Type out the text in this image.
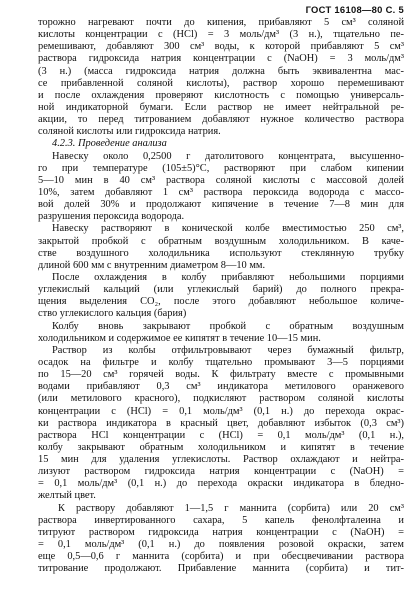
ГОСТ 16108—80 С. 5
торожно нагревают почти до кипения, прибавляют 5 см³ соляной
кислоты концентрации c (HCl) = 3 моль/дм³ (3 н.), тщательно пе-
ремешивают, добавляют 300 см³ воды, к которой прибавляют 5 см³
раствора гидроксида натрия концентрации c (NaOH) = 3 моль/дм³
(3 н.) (масса гидроксида натрия должна быть эквивалентна мас-
се прибавленной соляной кислоты), раствор хорошо перемешивают
и после охлаждения проверяют кислотность с помощью универсаль-
ной индикаторной бумаги. Если раствор не имеет нейтральной ре-
акции, то перед титрованием добавляют нужное количество раствора
соляной кислоты или гидроксида натрия.
4.2.3. Проведение анализа
Навеску около 0,2500 г датолитового концентрата, высушенно-
го при температуре (105±5)°С, растворяют при слабом кипении
5—10 мин в 40 см³ раствора соляной кислоты с массовой долей
10%, затем добавляют 1 см³ раствора пероксида водорода с массо-
вой долей 30% и продолжают кипячение в течение 7—8 мин для
разрушения пероксида водорода.
Навеску растворяют в конической колбе вместимостью 250 см³,
закрытой пробкой с обратным воздушным холодильником. В каче-
стве воздушного холодильника используют стеклянную трубку
длиной 600 мм с внутренним диаметром 8—10 мм.
После охлаждения в колбу прибавляют небольшими порциями
углекислый кальций (или углекислый барий) до полного прекра-
щения выделения CO₂, после этого добавляют небольшое количе-
ство углекислого кальция (бария)
Колбу вновь закрывают пробкой с обратным воздушным
холодильником и содержимое ее кипятят в течение 10—15 мин.
Раствор из колбы отфильтровывают через бумажный фильтр,
осадок на фильтре и колбу тщательно промывают 3—5 порциями
по 15—20 см³ горячей воды. К фильтрату вместе с промывными
водами прибавляют 0,3 см³ индикатора метилового оранжевого
(или метилового красного), подкисляют раствором соляной кислоты
концентрации c (HCl) = 0,1 моль/дм³ (0,1 н.) до перехода окрас-
ки раствора индикатора в красный цвет, добавляют избыток (0,3 см³)
раствора HCl концентрации c (HCl) = 0,1 моль/дм³ (0,1 н.),
колбу закрывают обратным холодильником и кипятят в течение
15 мин для удаления углекислоты. Раствор охлаждают и нейтра-
лизуют раствором гидроксида натрия концентрации c (NaOH) =
= 0,1 моль/дм³ (0,1 н.) до перехода окраски индикатора в бледно-
желтый цвет.
К раствору добавляют 1—1,5 г маннита (сорбита) или 20 см³
раствора инвертированного сахара, 5 капель фенолфталеина и
титруют раствором гидроксида натрия концентрации c (NaOH) =
= 0,1 моль/дм³ (0,1 н.) до появления розовой окраски, затем
еще 0,5—0,6 г маннита (сорбита) и при обесцвечивании раствора
титрование продолжают. Прибавление маннита (сорбита) и тит-
